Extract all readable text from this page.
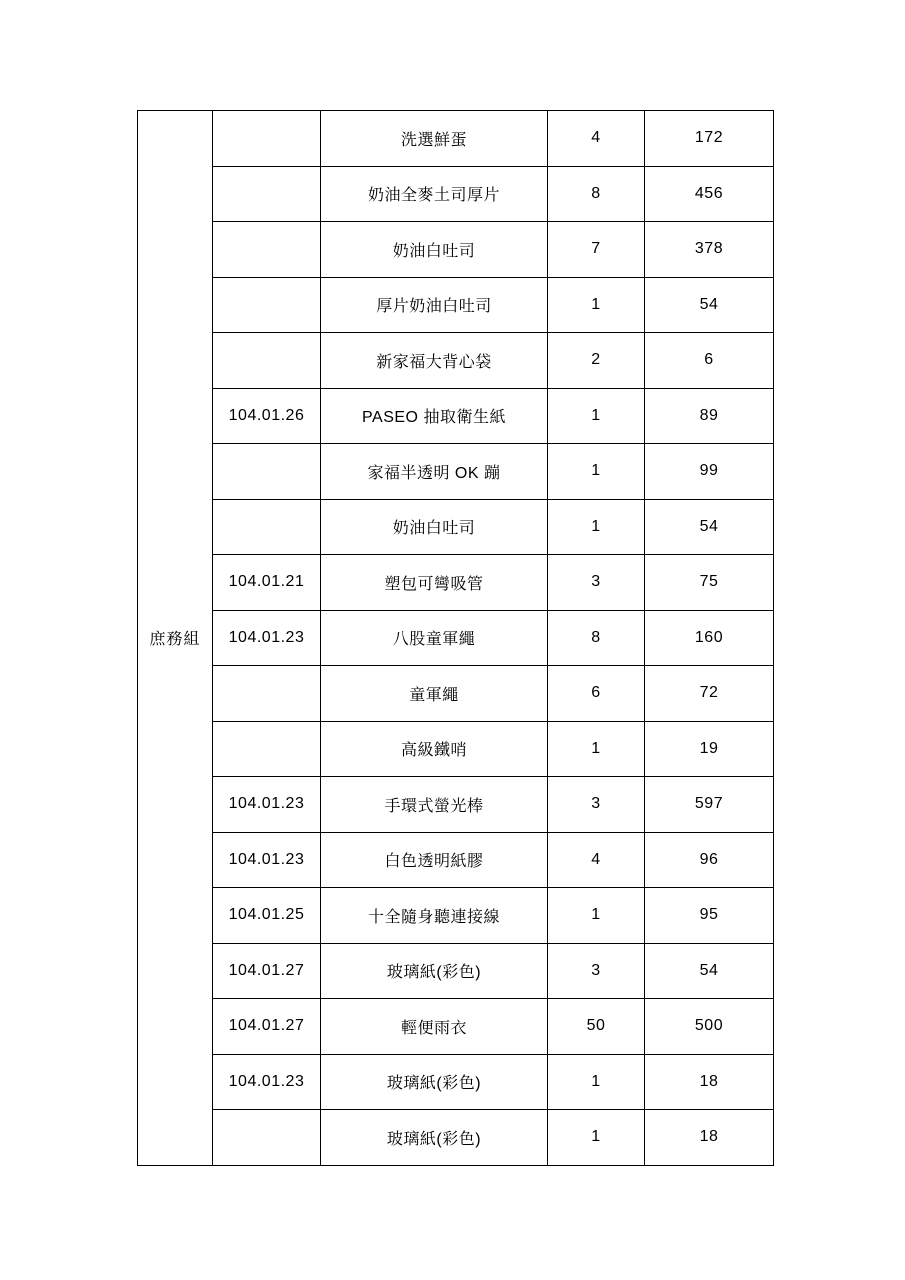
庶務組		洗選鮮蛋	4	172
		奶油全麥土司厚片	8	456
		奶油白吐司	7	378
		厚片奶油白吐司	1	54
		新家福大背心袋	2	6
	104.01.26	PASEO 抽取衛生紙	1	89
		家福半透明 OK 蹦	1	99
		奶油白吐司	1	54
	104.01.21	塑包可彎吸管	3	75
	104.01.23	八股童軍繩	8	160
		童軍繩	6	72
		高級鐵哨	1	19
	104.01.23	手環式螢光棒	3	597
	104.01.23	白色透明紙膠	4	96
	104.01.25	十全隨身聽連接線	1	95
	104.01.27	玻璃紙(彩色)	3	54
	104.01.27	輕便雨衣	50	500
	104.01.23	玻璃紙(彩色)	1	18
		玻璃紙(彩色)	1	18
